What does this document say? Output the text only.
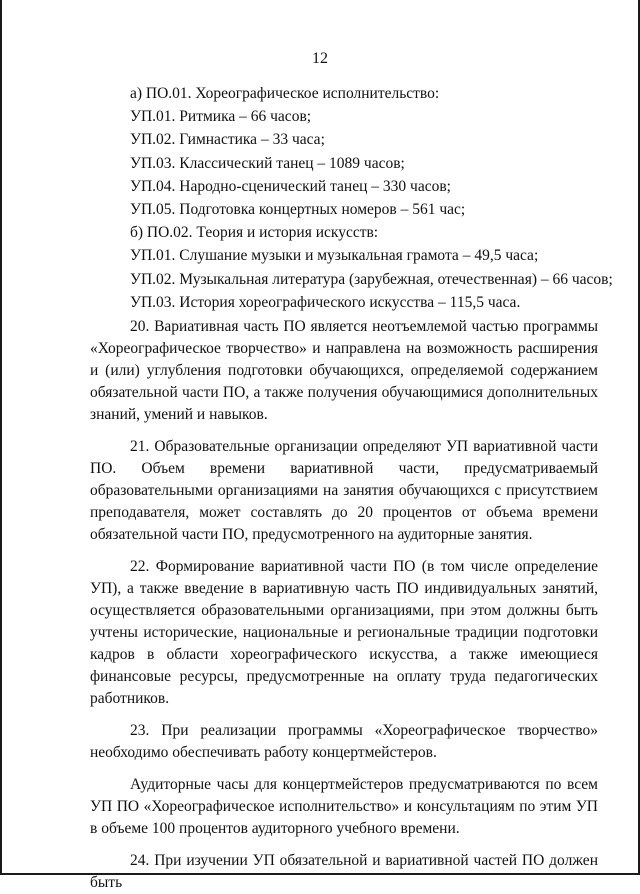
12
а) ПО.01. Хореографическое исполнительство:
УП.01. Ритмика – 66 часов;
УП.02. Гимнастика – 33 часа;
УП.03. Классический танец – 1089 часов;
УП.04. Народно-сценический танец – 330 часов;
УП.05. Подготовка концертных номеров – 561 час;
б) ПО.02. Теория и история искусств:
УП.01. Слушание музыки и музыкальная грамота – 49,5 часа;
УП.02. Музыкальная литература (зарубежная, отечественная) – 66 часов;
УП.03. История хореографического искусства – 115,5 часа.

20. Вариативная часть ПО является неотъемлемой частью программы «Хореографическое творчество» и направлена на возможность расширения и (или) углубления подготовки обучающихся, определяемой содержанием обязательной части ПО, а также получения обучающимися дополнительных знаний, умений и навыков.

21. Образовательные организации определяют УП вариативной части ПО. Объем времени вариативной части, предусматриваемый образовательными организациями на занятия обучающихся с присутствием преподавателя, может составлять до 20 процентов от объема времени обязательной части ПО, предусмотренного на аудиторные занятия.

22. Формирование вариативной части ПО (в том числе определение УП), а также введение в вариативную часть ПО индивидуальных занятий, осуществляется образовательными организациями, при этом должны быть учтены исторические, национальные и региональные традиции подготовки кадров в области хореографического искусства, а также имеющиеся финансовые ресурсы, предусмотренные на оплату труда педагогических работников.

23. При реализации программы «Хореографическое творчество» необходимо обеспечивать работу концертмейстеров.

Аудиторные часы для концертмейстеров предусматриваются по всем УП ПО «Хореографическое исполнительство» и консультациям по этим УП в объеме 100 процентов аудиторного учебного времени.

24. При изучении УП обязательной и вариативной частей ПО должен быть
